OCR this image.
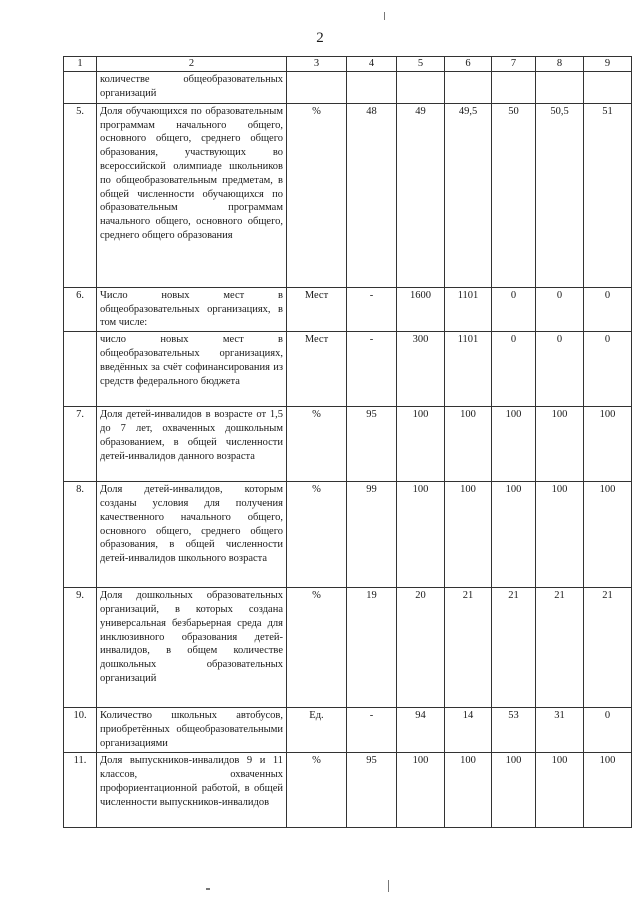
2
1	2	3	4	5	6	7	8	9
	количестве общеобразовательных организаций							
5.	Доля обучающихся по образовательным программам начального общего, основного общего, среднего общего образования, участвующих во всероссийской олимпиаде школьников по общеобразовательным предметам, в общей численности обучающихся по образовательным программам начального общего, основного общего, среднего общего образования	%	48	49	49,5	50	50,5	51
6.	Число новых мест в общеобразовательных организациях, в том числе:	Мест	-	1600	1101	0	0	0
	число новых мест в общеобразовательных организациях, введённых за счёт софинансирования из средств федерального бюджета	Мест	-	300	1101	0	0	0
7.	Доля детей-инвалидов в возрасте от 1,5 до 7 лет, охваченных дошкольным образованием, в общей численности детей-инвалидов данного возраста	%	95	100	100	100	100	100
8.	Доля детей-инвалидов, которым созданы условия для получения качественного начального общего, основного общего, среднего общего образования, в общей численности детей-инвалидов школьного возраста	%	99	100	100	100	100	100
9.	Доля дошкольных образовательных организаций, в которых создана универсальная безбарьерная среда для инклюзивного образования детей-инвалидов, в общем количестве дошкольных образовательных организаций	%	19	20	21	21	21	21
10.	Количество школьных автобусов, приобретённых общеобразовательными организациями	Ед.	-	94	14	53	31	0
11.	Доля выпускников-инвалидов 9 и 11 классов, охваченных профориентационной работой, в общей численности выпускников-инвалидов	%	95	100	100	100	100	100
